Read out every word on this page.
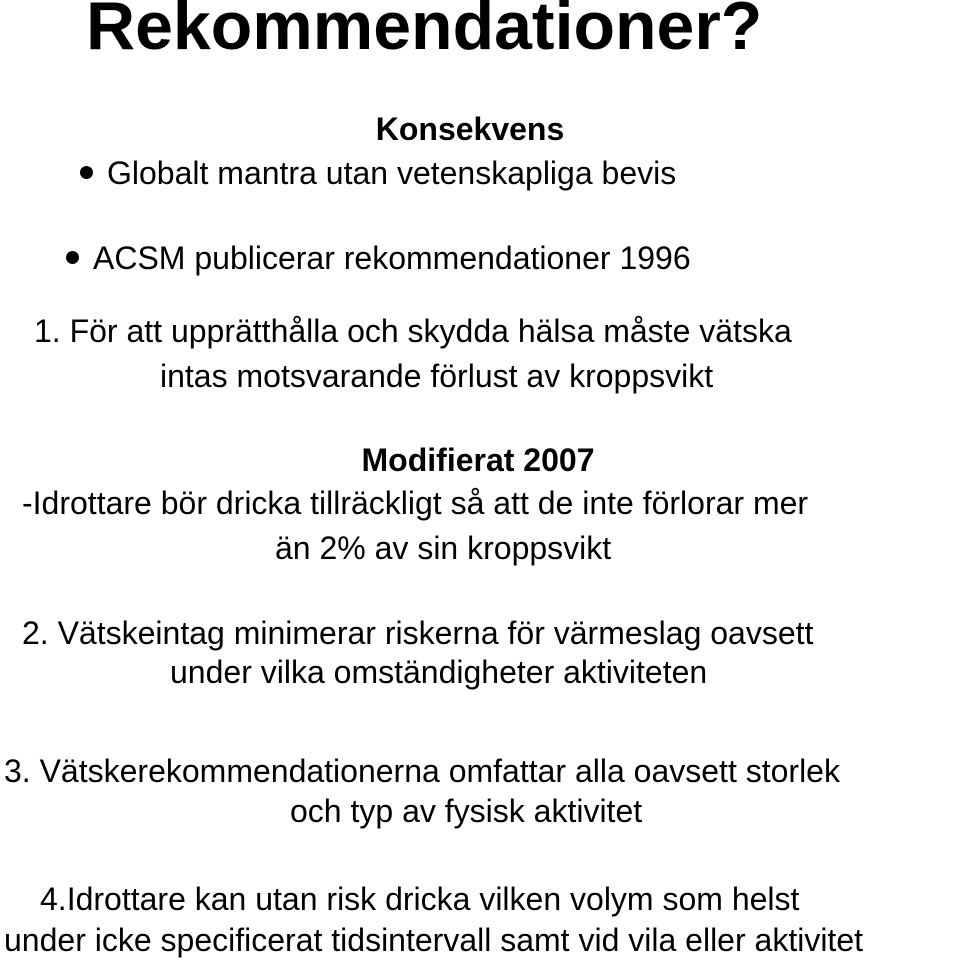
Rekommendationer?
Konsekvens
Globalt mantra utan vetenskapliga bevis
ACSM publicerar rekommendationer 1996
1. För att upprätthålla och skydda hälsa måste vätska
intas motsvarande förlust av kroppsvikt
Modifierat 2007
-Idrottare bör dricka tillräckligt så att de inte förlorar mer
än 2% av sin kroppsvikt
2. Vätskeintag minimerar riskerna för värmeslag oavsett
under vilka omständigheter aktiviteten
3. Vätskerekommendationerna omfattar alla oavsett storlek
och typ av fysisk aktivitet
4.Idrottare kan utan risk dricka vilken volym som helst
under icke specificerat tidsintervall samt vid vila eller aktivitet
